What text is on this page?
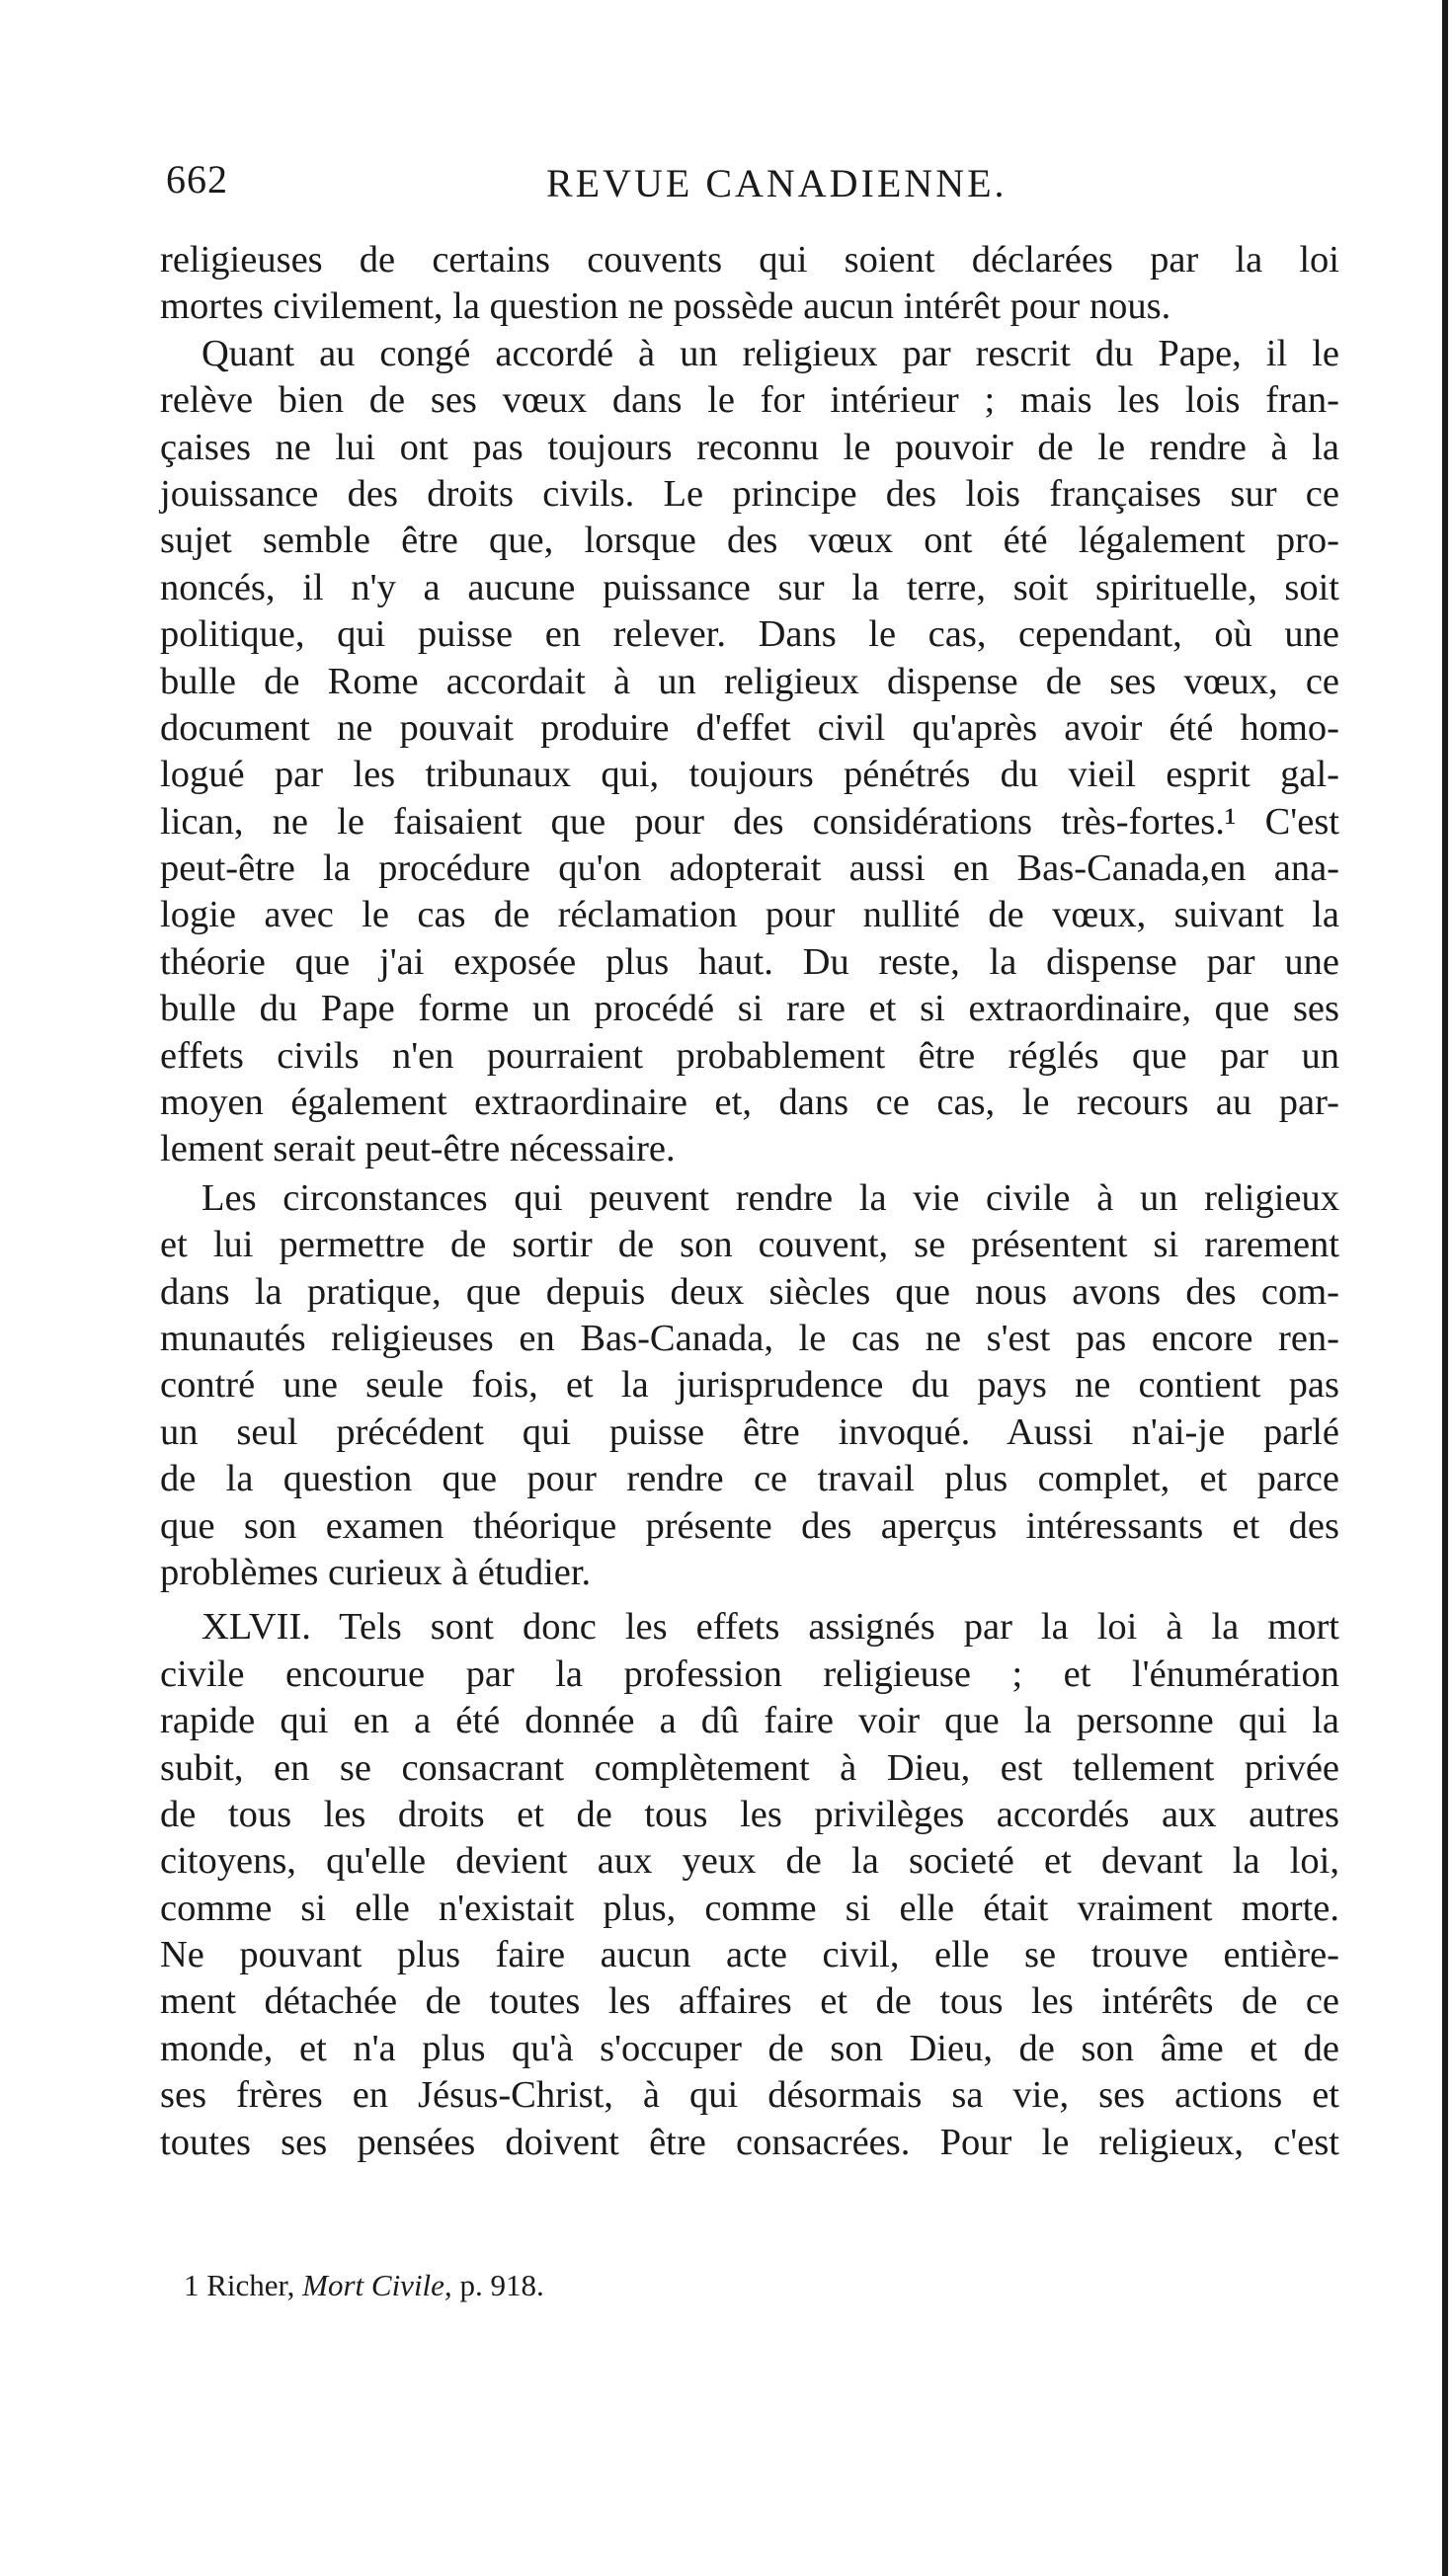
662	REVUE CANADIENNE.
religieuses de certains couvents qui soient déclarées par la loi
mortes civilement, la question ne possède aucun intérêt pour nous.
Quant au congé accordé à un religieux par rescrit du Pape, il le
relève bien de ses vœux dans le for intérieur ; mais les lois fran-
çaises ne lui ont pas toujours reconnu le pouvoir de le rendre à la
jouissance des droits civils. Le principe des lois françaises sur ce
sujet semble être que, lorsque des vœux ont été légalement pro-
noncés, il n'y a aucune puissance sur la terre, soit spirituelle, soit
politique, qui puisse en relever. Dans le cas, cependant, où une
bulle de Rome accordait à un religieux dispense de ses vœux, ce
document ne pouvait produire d'effet civil qu'après avoir été homo-
logué par les tribunaux qui, toujours pénétrés du vieil esprit gal-
lican, ne le faisaient que pour des considérations très-fortes.¹ C'est
peut-être la procédure qu'on adopterait aussi en Bas-Canada,en ana-
logie avec le cas de réclamation pour nullité de vœux, suivant la
théorie que j'ai exposée plus haut. Du reste, la dispense par une
bulle du Pape forme un procédé si rare et si extraordinaire, que ses
effets civils n'en pourraient probablement être réglés que par un
moyen également extraordinaire et, dans ce cas, le recours au par-
lement serait peut-être nécessaire.
Les circonstances qui peuvent rendre la vie civile à un religieux
et lui permettre de sortir de son couvent, se présentent si rarement
dans la pratique, que depuis deux siècles que nous avons des com-
munautés religieuses en Bas-Canada, le cas ne s'est pas encore ren-
contré une seule fois, et la jurisprudence du pays ne contient pas
un seul précédent qui puisse être invoqué. Aussi n'ai-je parlé
de la question que pour rendre ce travail plus complet, et parce
que son examen théorique présente des aperçus intéressants et des
problèmes curieux à étudier.
XLVII. Tels sont donc les effets assignés par la loi à la mort
civile encourue par la profession religieuse ; et l'énumération
rapide qui en a été donnée a dû faire voir que la personne qui la
subit, en se consacrant complètement à Dieu, est tellement privée
de tous les droits et de tous les privilèges accordés aux autres
citoyens, qu'elle devient aux yeux de la societé et devant la loi,
comme si elle n'existait plus, comme si elle était vraiment morte.
Ne pouvant plus faire aucun acte civil, elle se trouve entière-
ment détachée de toutes les affaires et de tous les intérêts de ce
monde, et n'a plus qu'à s'occuper de son Dieu, de son âme et de
ses frères en Jésus-Christ, à qui désormais sa vie, ses actions et
toutes ses pensées doivent être consacrées. Pour le religieux, c'est
1 Richer, Mort Civile, p. 918.
